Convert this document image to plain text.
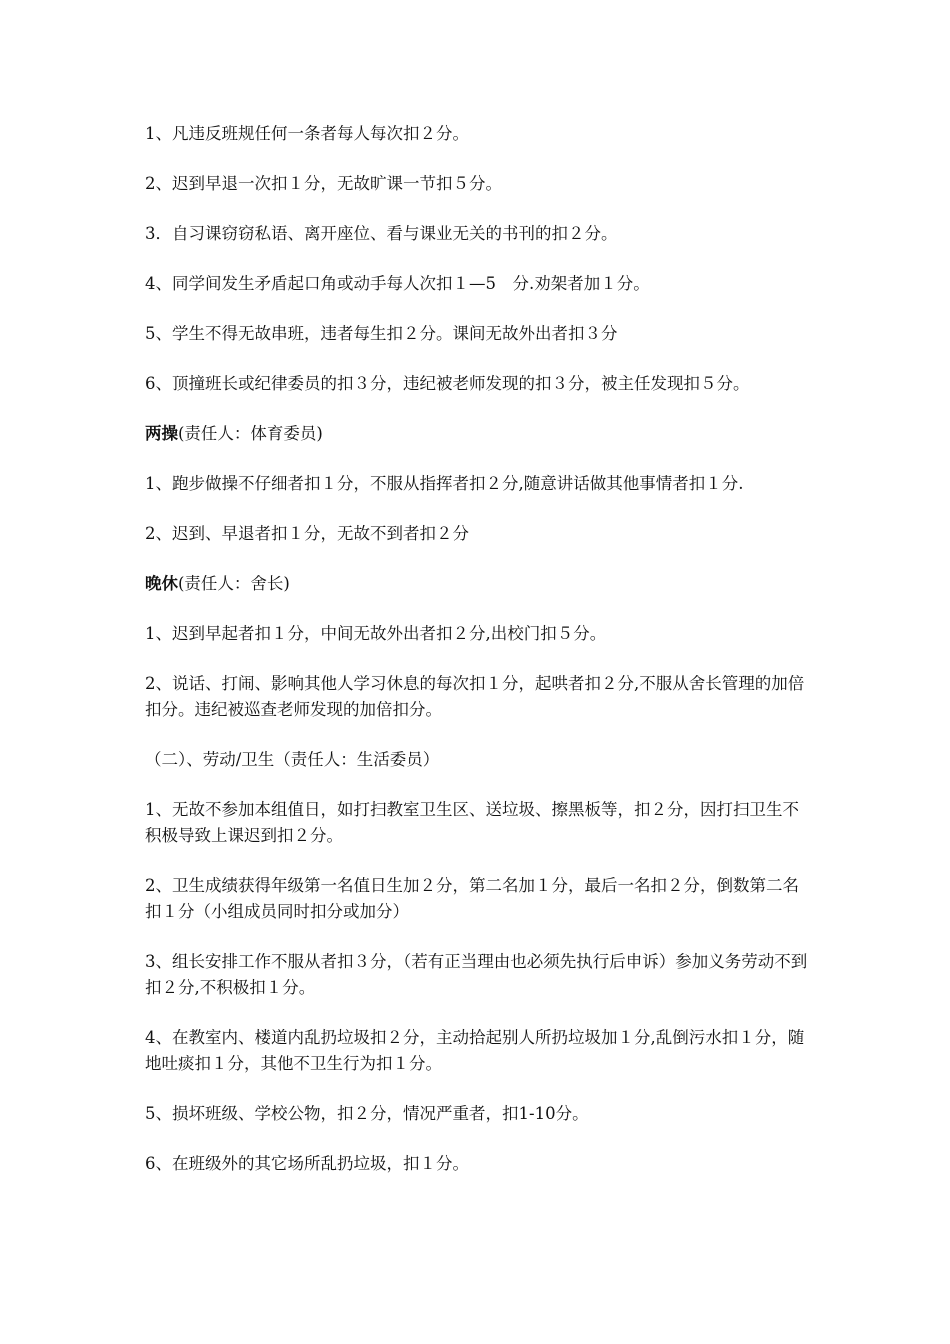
1、凡违反班规任何一条者每人每次扣２分。

2、迟到早退一次扣１分，无故旷课一节扣５分。

3．自习课窃窃私语、离开座位、看与课业无关的书刊的扣２分。

4、同学间发生矛盾起口角或动手每人次扣１—5　分.劝架者加１分。

5、学生不得无故串班，违者每生扣２分。课间无故外出者扣３分

6、顶撞班长或纪律委员的扣３分，违纪被老师发现的扣３分，被主任发现扣５分。

两操(责任人：体育委员)

1、跑步做操不仔细者扣１分，不服从指挥者扣２分,随意讲话做其他事情者扣１分.

2、迟到、早退者扣１分，无故不到者扣２分

晚休(责任人：舍长)

1、迟到早起者扣１分，中间无故外出者扣２分,出校门扣５分。

2、说话、打闹、影响其他人学习休息的每次扣１分，起哄者扣２分,不服从舍长管理的加倍扣分。违纪被巡查老师发现的加倍扣分。

（二）、劳动/卫生（责任人：生活委员）

1、无故不参加本组值日，如打扫教室卫生区、送垃圾、擦黑板等，扣２分，因打扫卫生不积极导致上课迟到扣２分。

2、卫生成绩获得年级第一名值日生加２分，第二名加１分，最后一名扣２分，倒数第二名扣１分（小组成员同时扣分或加分）

3、组长安排工作不服从者扣３分，（若有正当理由也必须先执行后申诉）参加义务劳动不到扣２分,不积极扣１分。

4、在教室内、楼道内乱扔垃圾扣２分，主动拾起别人所扔垃圾加１分,乱倒污水扣１分，随地吐痰扣１分，其他不卫生行为扣１分。

5、损坏班级、学校公物，扣２分，情况严重者，扣1-10分。

6、在班级外的其它场所乱扔垃圾，扣１分。
